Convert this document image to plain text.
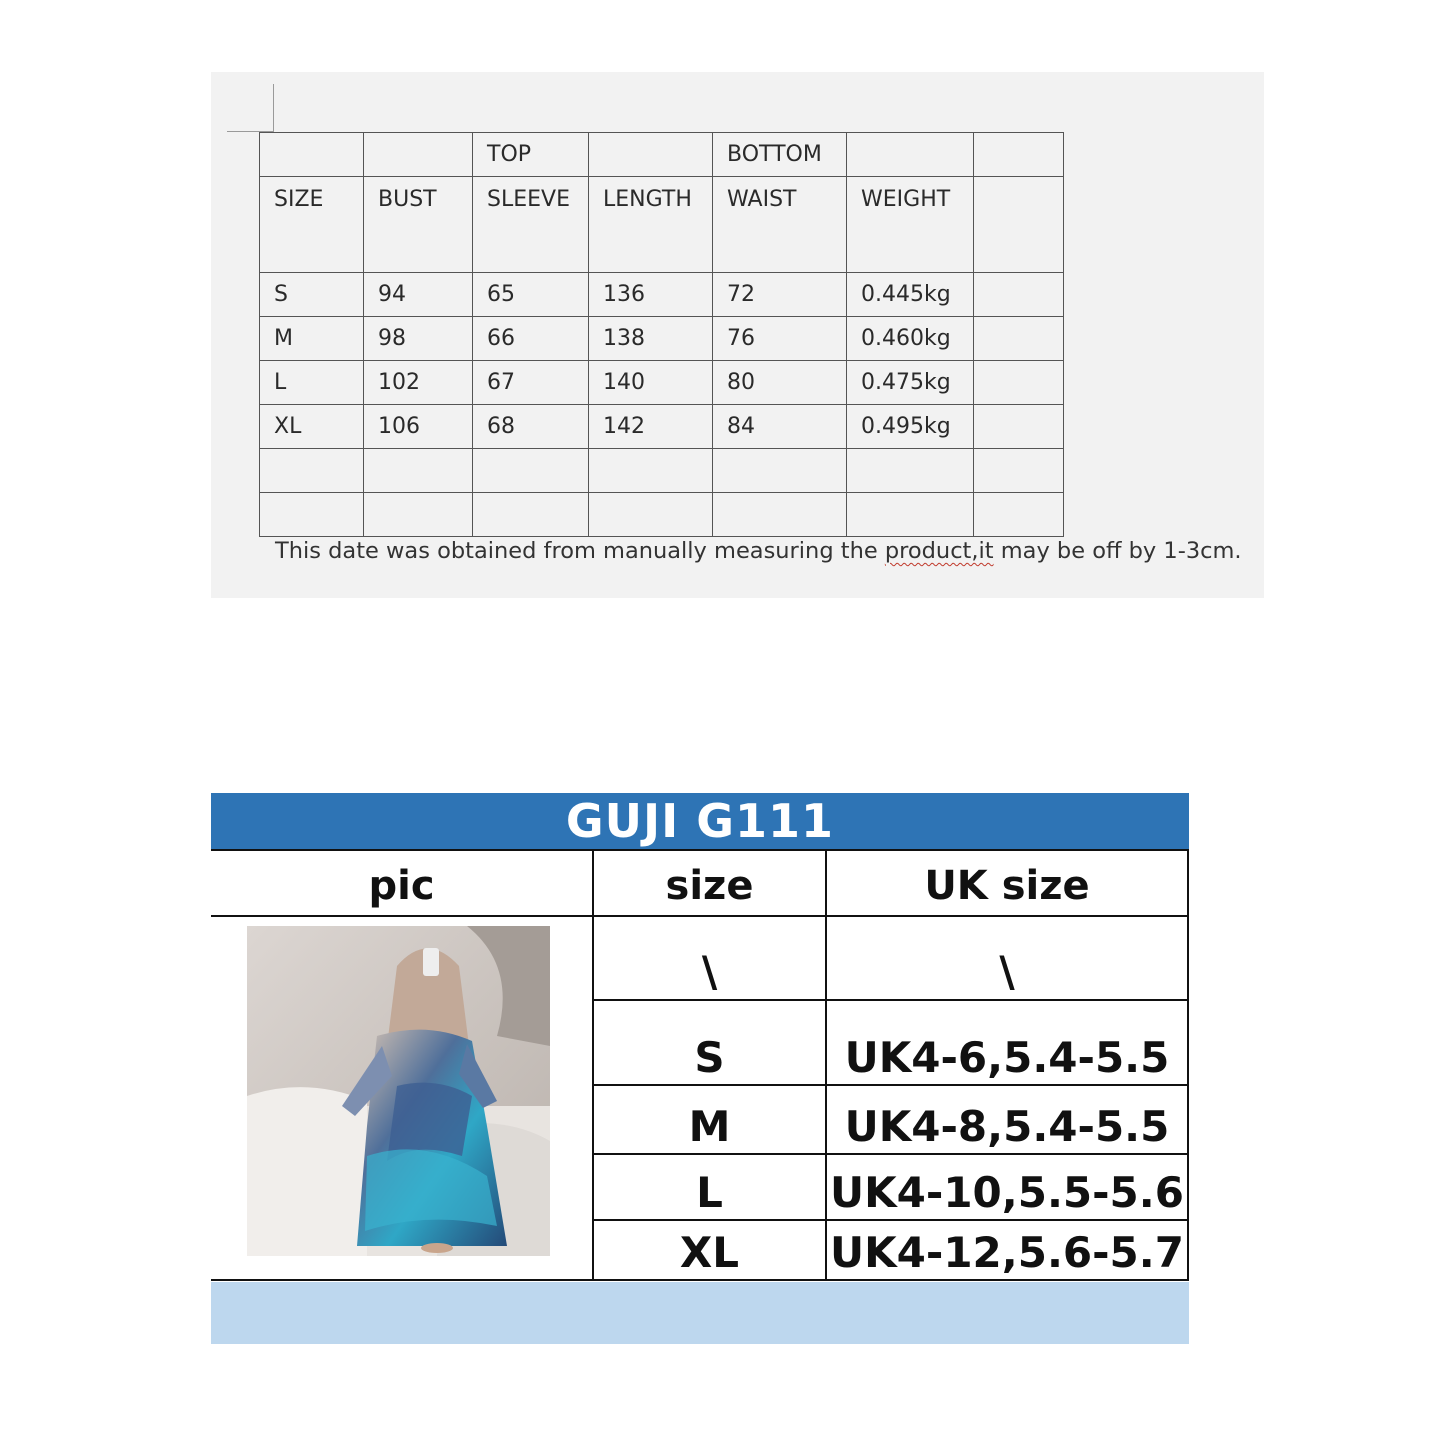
		TOP		BOTTOM		
SIZE	BUST	SLEEVE	LENGTH	WAIST	WEIGHT	
S	94	65	136	72	0.445kg	
M	98	66	138	76	0.460kg	
L	102	67	140	80	0.475kg	
XL	106	68	142	84	0.495kg	

This date was obtained from manually measuring the product,it may be off by 1-3cm.
GUJI G111
pic	size	UK size
\	\
S	UK4-6,5.4-5.5
M	UK4-8,5.4-5.5
L	UK4-10,5.5-5.6
XL	UK4-12,5.6-5.7
